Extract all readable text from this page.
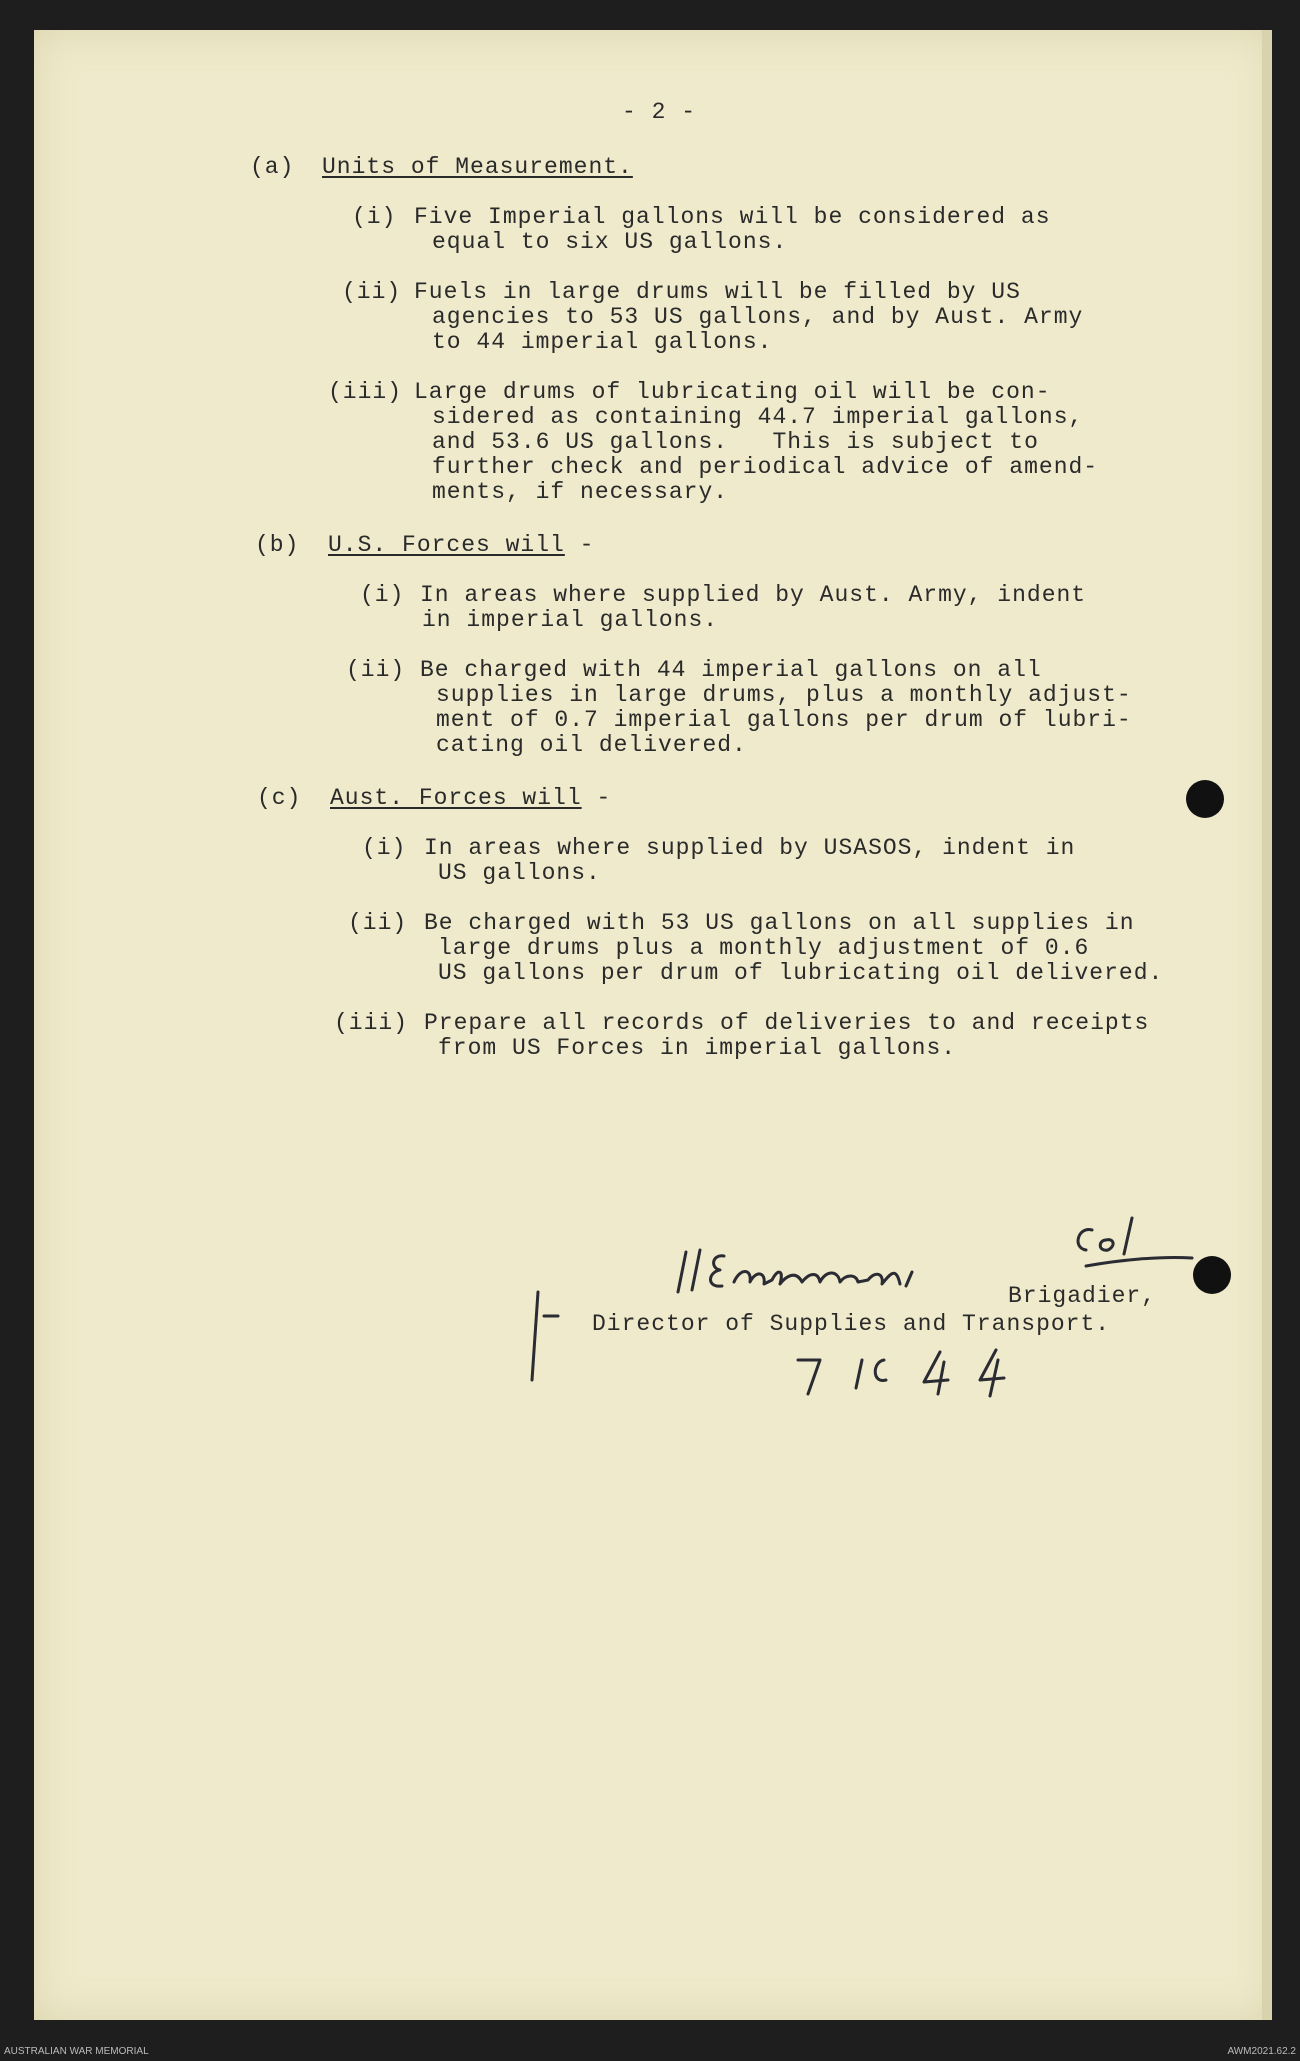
- 2 -
(a) Units of Measurement.
(i) Five Imperial gallons will be considered as
equal to six US gallons.
(ii) Fuels in large drums will be filled by US
agencies to 53 US gallons, and by Aust. Army
to 44 imperial gallons.
(iii) Large drums of lubricating oil will be con-
sidered as containing 44.7 imperial gallons,
and 53.6 US gallons.   This is subject to
further check and periodical advice of amend-
ments, if necessary.
(b) U.S. Forces will -
(i) In areas where supplied by Aust. Army, indent
in imperial gallons.
(ii) Be charged with 44 imperial gallons on all
supplies in large drums, plus a monthly adjust-
ment of 0.7 imperial gallons per drum of lubri-
cating oil delivered.
(c) Aust. Forces will -
(i) In areas where supplied by USASOS, indent in
US gallons.
(ii) Be charged with 53 US gallons on all supplies in
large drums plus a monthly adjustment of 0.6
US gallons per drum of lubricating oil delivered.
(iii) Prepare all records of deliveries to and receipts
from US Forces in imperial gallons.
Brigadier,
Director of Supplies and Transport.
AUSTRALIAN WAR MEMORIAL	AWM2021.62.2
